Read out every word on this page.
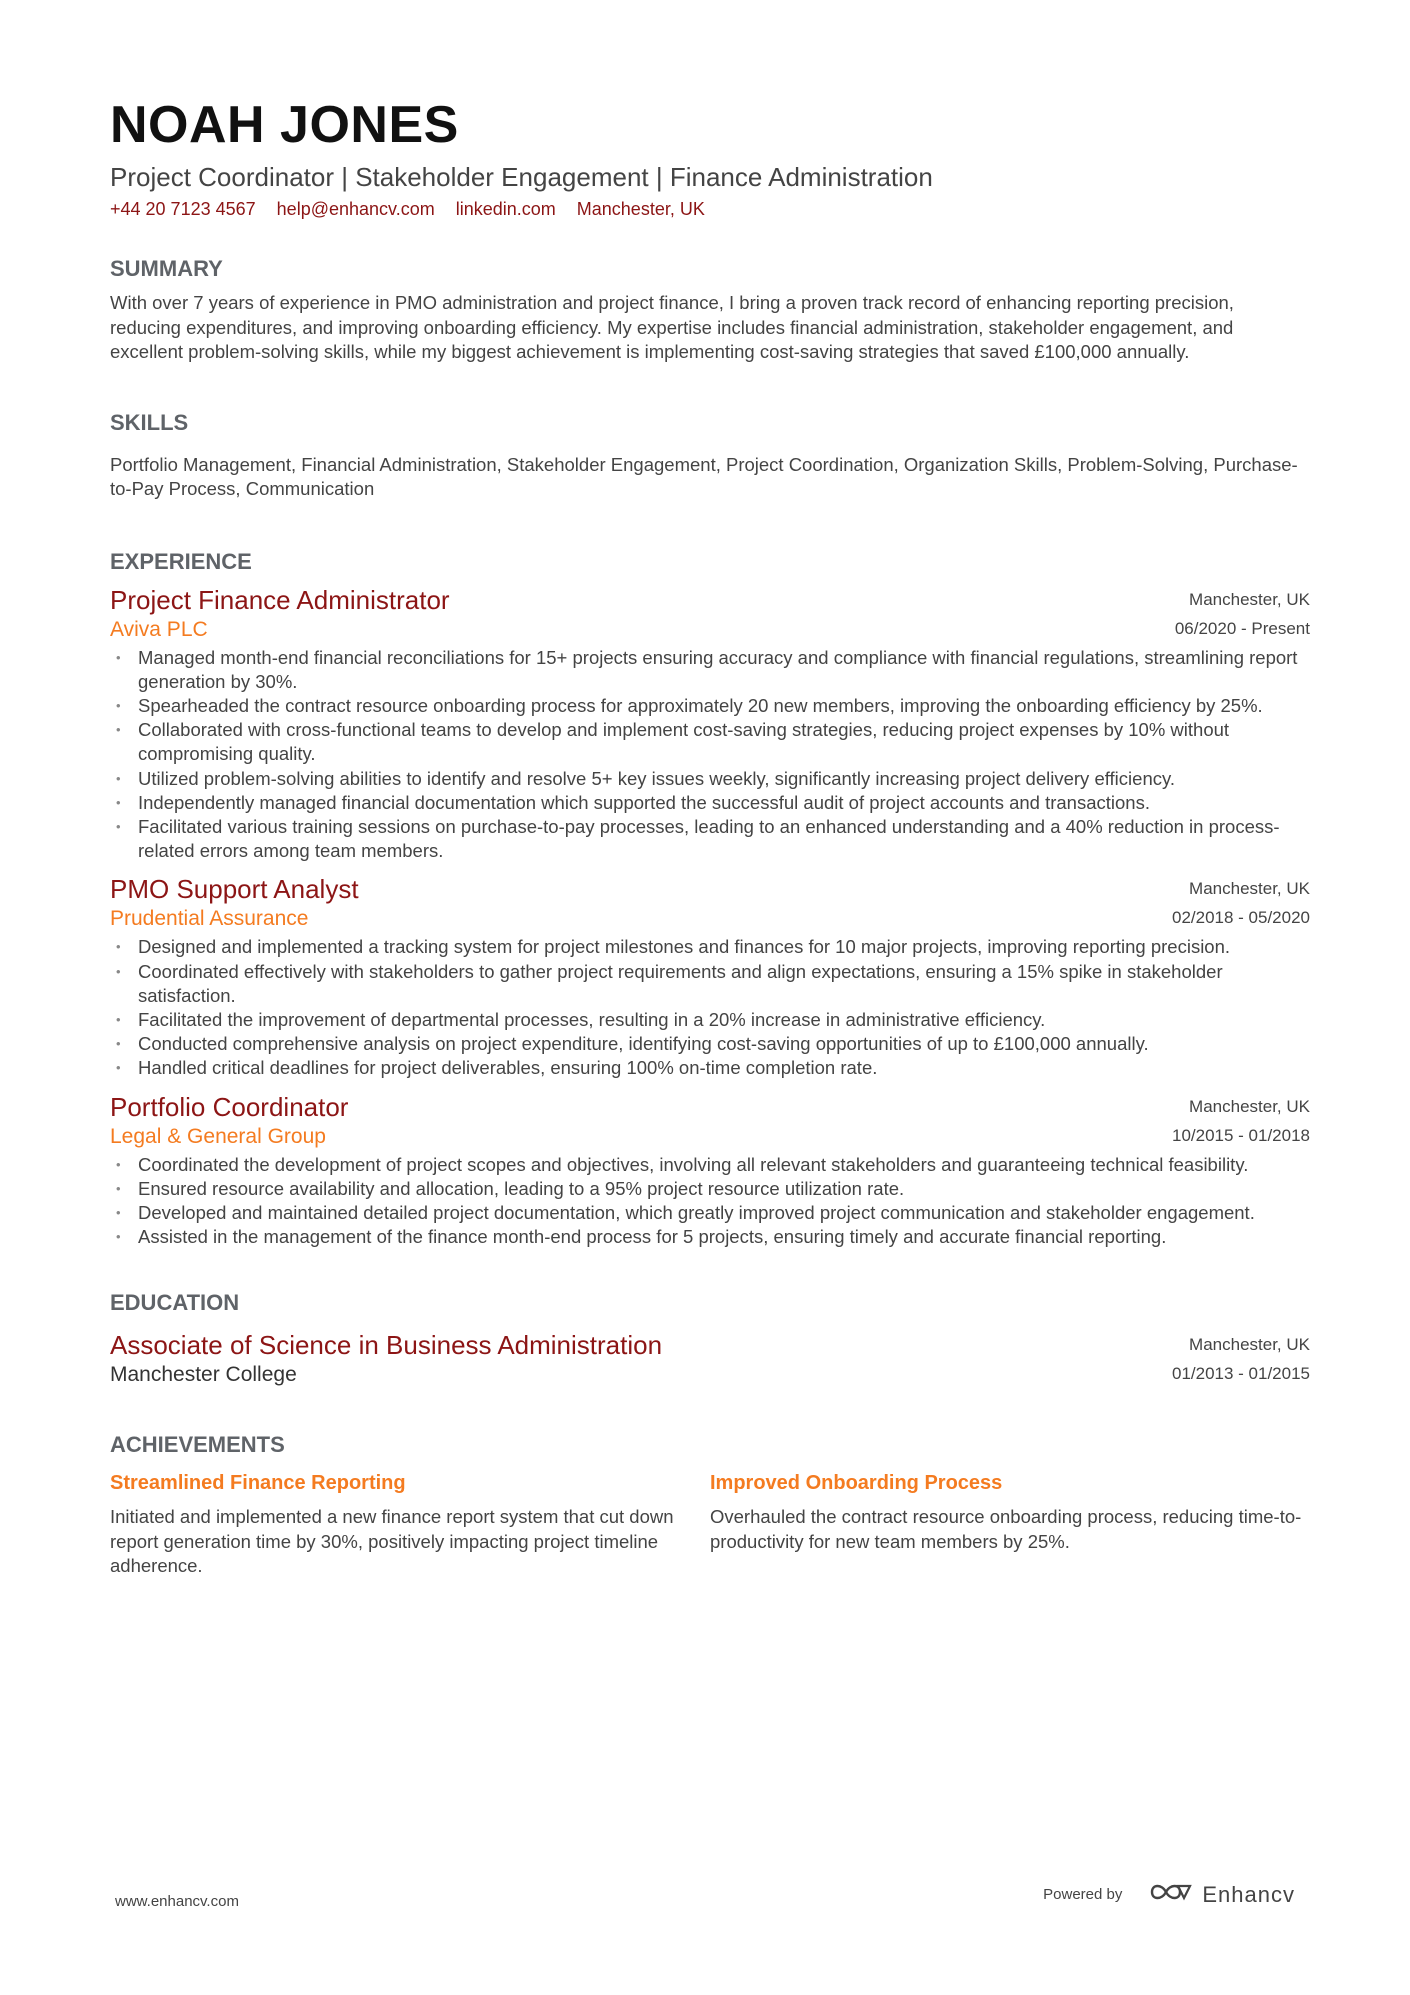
NOAH JONES
Project Coordinator | Stakeholder Engagement | Finance Administration
+44 20 7123 4567 help@enhancv.com linkedin.com Manchester, UK
SUMMARY
With over 7 years of experience in PMO administration and project finance, I bring a proven track record of enhancing reporting precision, reducing expenditures, and improving onboarding efficiency. My expertise includes financial administration, stakeholder engagement, and excellent problem-solving skills, while my biggest achievement is implementing cost-saving strategies that saved £100,000 annually.
SKILLS
Portfolio Management, Financial Administration, Stakeholder Engagement, Project Coordination, Organization Skills, Problem-Solving, Purchase-to-Pay Process, Communication
EXPERIENCE
Project Finance Administrator
Aviva PLC
Manchester, UK
06/2020 - Present
• Managed month-end financial reconciliations for 15+ projects ensuring accuracy and compliance with financial regulations, streamlining report generation by 30%.
• Spearheaded the contract resource onboarding process for approximately 20 new members, improving the onboarding efficiency by 25%.
• Collaborated with cross-functional teams to develop and implement cost-saving strategies, reducing project expenses by 10% without compromising quality.
• Utilized problem-solving abilities to identify and resolve 5+ key issues weekly, significantly increasing project delivery efficiency.
• Independently managed financial documentation which supported the successful audit of project accounts and transactions.
• Facilitated various training sessions on purchase-to-pay processes, leading to an enhanced understanding and a 40% reduction in process-related errors among team members.
PMO Support Analyst
Prudential Assurance
Manchester, UK
02/2018 - 05/2020
• Designed and implemented a tracking system for project milestones and finances for 10 major projects, improving reporting precision.
• Coordinated effectively with stakeholders to gather project requirements and align expectations, ensuring a 15% spike in stakeholder satisfaction.
• Facilitated the improvement of departmental processes, resulting in a 20% increase in administrative efficiency.
• Conducted comprehensive analysis on project expenditure, identifying cost-saving opportunities of up to £100,000 annually.
• Handled critical deadlines for project deliverables, ensuring 100% on-time completion rate.
Portfolio Coordinator
Legal & General Group
Manchester, UK
10/2015 - 01/2018
• Coordinated the development of project scopes and objectives, involving all relevant stakeholders and guaranteeing technical feasibility.
• Ensured resource availability and allocation, leading to a 95% project resource utilization rate.
• Developed and maintained detailed project documentation, which greatly improved project communication and stakeholder engagement.
• Assisted in the management of the finance month-end process for 5 projects, ensuring timely and accurate financial reporting.
EDUCATION
Associate of Science in Business Administration
Manchester College
Manchester, UK
01/2013 - 01/2015
ACHIEVEMENTS
Streamlined Finance Reporting
Initiated and implemented a new finance report system that cut down report generation time by 30%, positively impacting project timeline adherence.
Improved Onboarding Process
Overhauled the contract resource onboarding process, reducing time-to-productivity for new team members by 25%.
www.enhancv.com	Powered by	Enhancv
